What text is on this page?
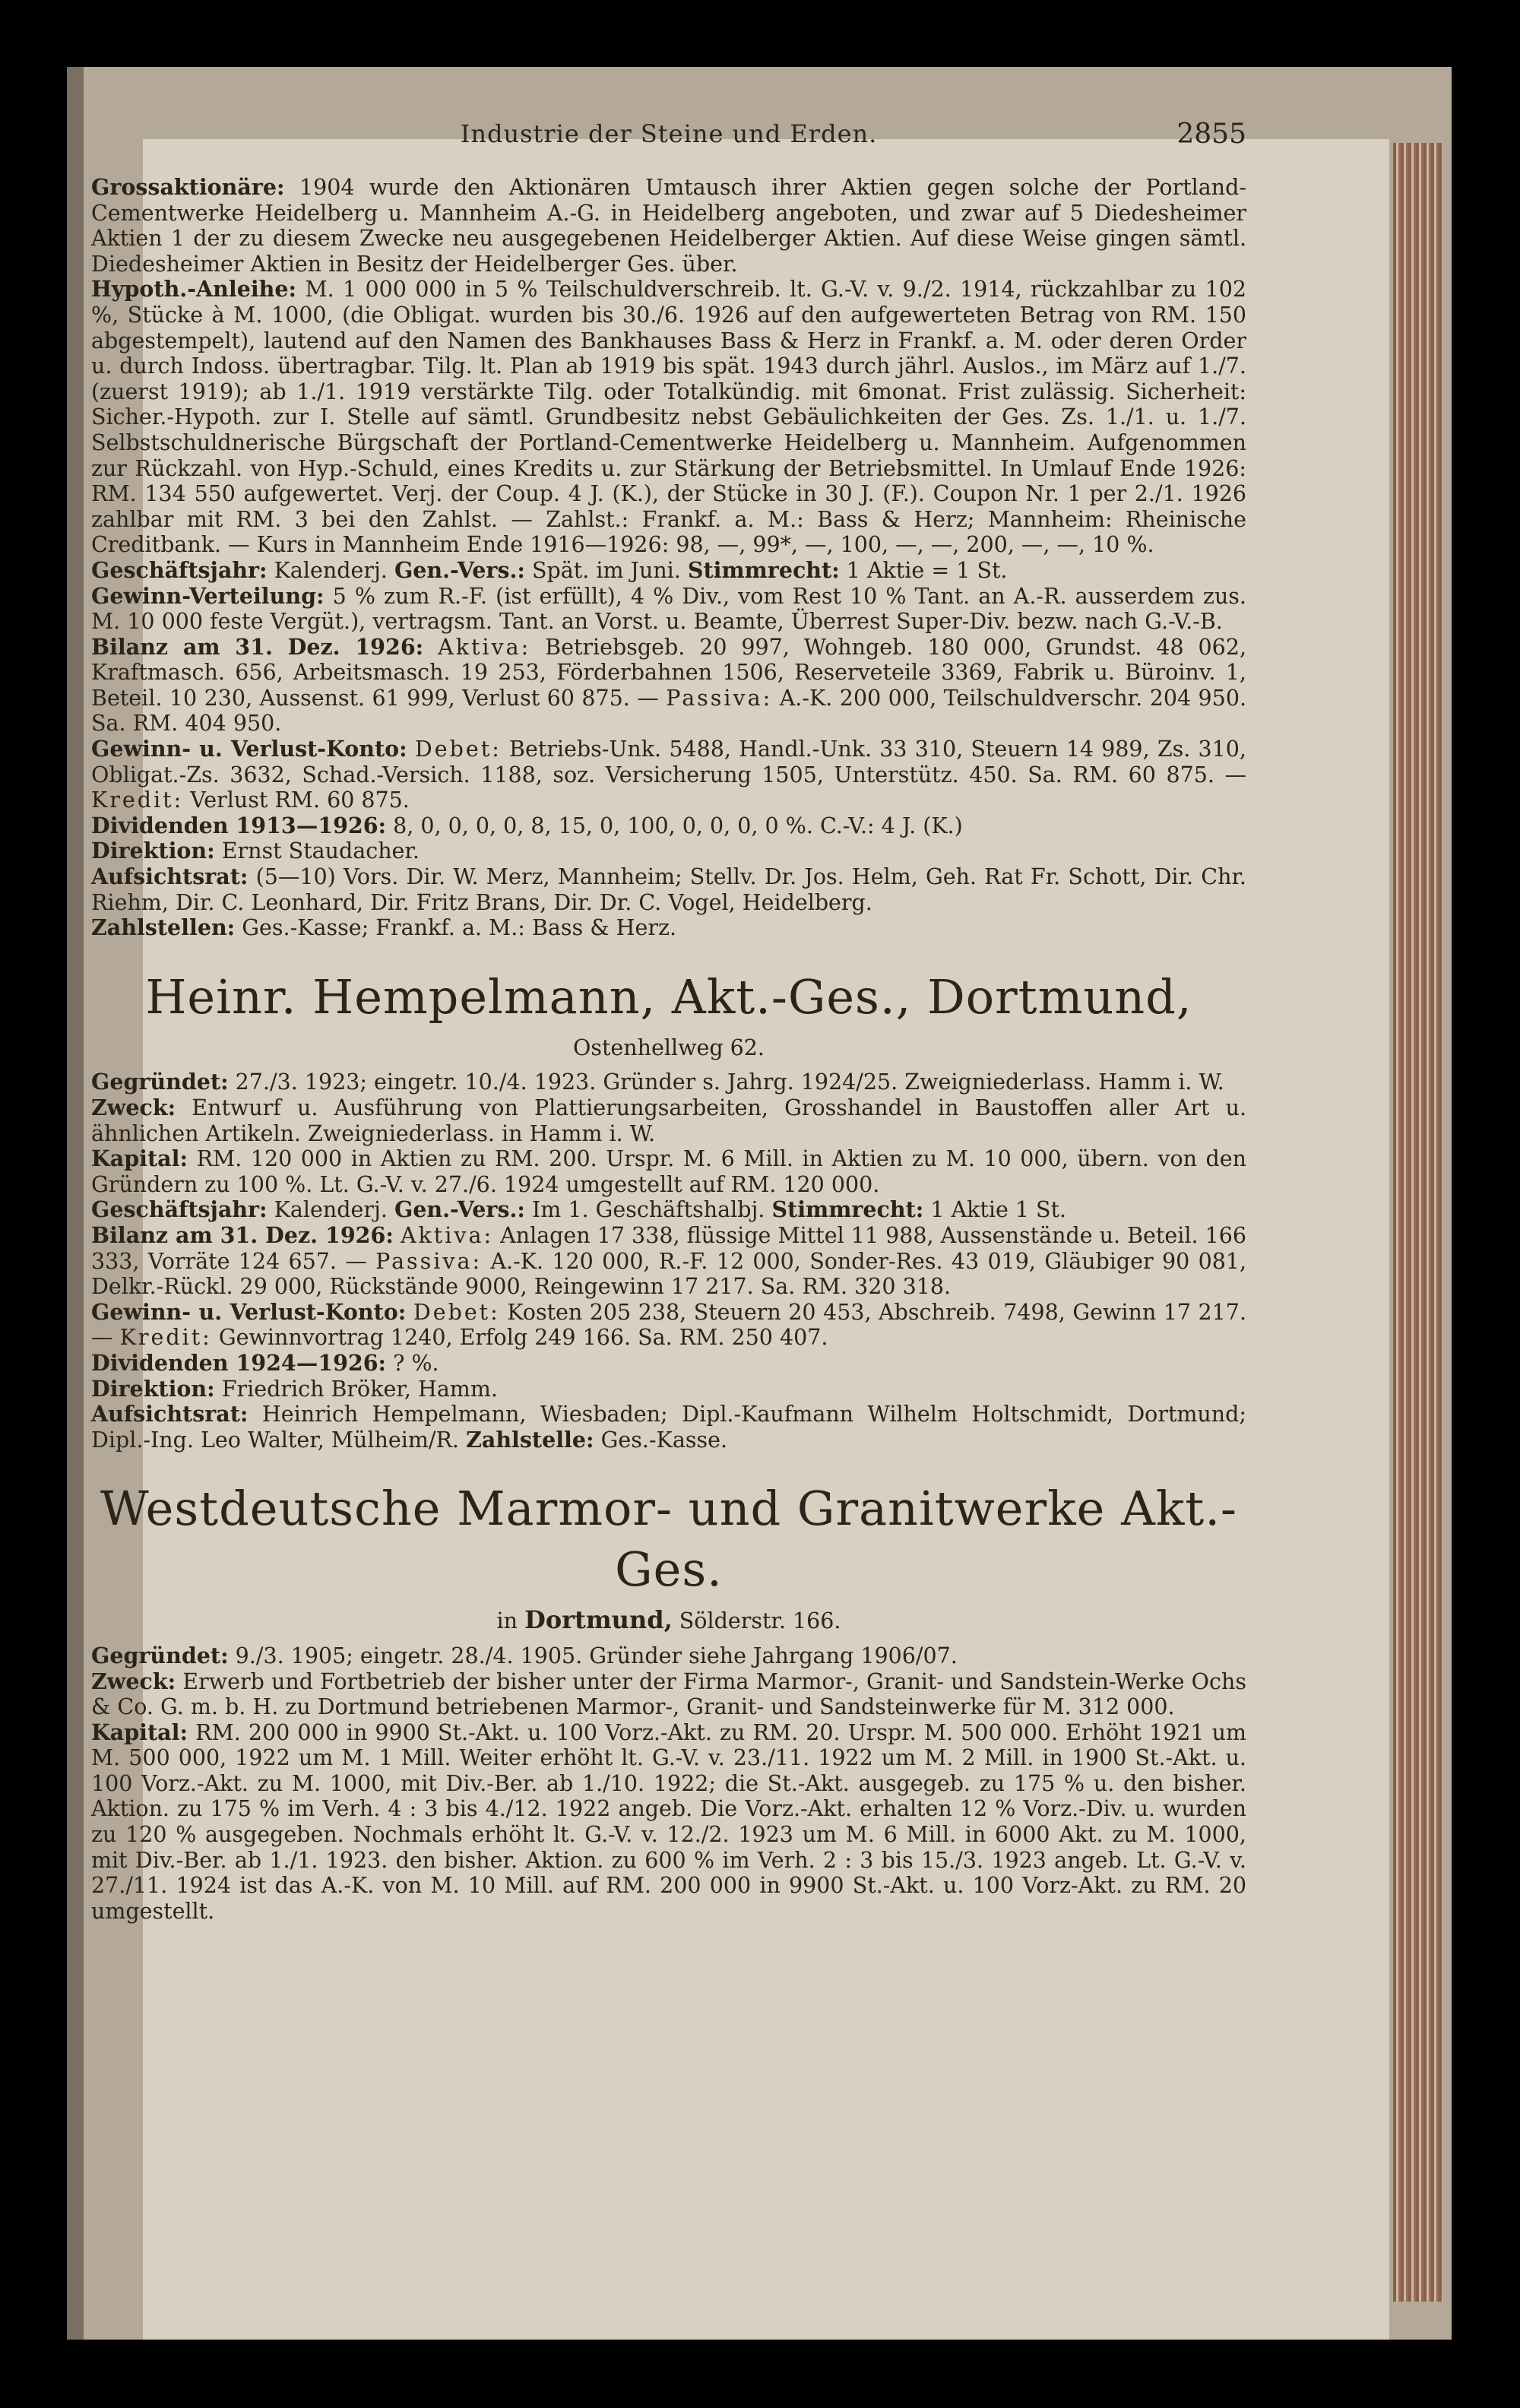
Industrie der Steine und Erden.	2855

Grossaktionäre: 1904 wurde den Aktionären Umtausch ihrer Aktien gegen solche der Portland-Cementwerke Heidelberg u. Mannheim A.-G. in Heidelberg angeboten, und zwar auf 5 Diedesheimer Aktien 1 der zu diesem Zwecke neu ausgegebenen Heidelberger Aktien. Auf diese Weise gingen sämtl. Diedesheimer Aktien in Besitz der Heidelberger Ges. über.

Hypoth.-Anleihe: M. 1 000 000 in 5 % Teilschuldverschreib. lt. G.-V. v. 9./2. 1914, rückzahlbar zu 102 %, Stücke à M. 1000, (die Obligat. wurden bis 30./6. 1926 auf den aufgewerteten Betrag von RM. 150 abgestempelt), lautend auf den Namen des Bankhauses Bass & Herz in Frankf. a. M. oder deren Order u. durch Indoss. übertragbar. Tilg. lt. Plan ab 1919 bis spät. 1943 durch jährl. Auslos., im März auf 1./7. (zuerst 1919); ab 1./1. 1919 verstärkte Tilg. oder Totalkündig. mit 6monat. Frist zulässig. Sicherheit: Sicher.-Hypoth. zur I. Stelle auf sämtl. Grundbesitz nebst Gebäulichkeiten der Ges. Zs. 1./1. u. 1./7. Selbstschuldnerische Bürgschaft der Portland-Cementwerke Heidelberg u. Mannheim. Aufgenommen zur Rückzahl. von Hyp.-Schuld, eines Kredits u. zur Stärkung der Betriebsmittel. In Umlauf Ende 1926: RM. 134 550 aufgewertet. Verj. der Coup. 4 J. (K.), der Stücke in 30 J. (F.). Coupon Nr. 1 per 2./1. 1926 zahlbar mit RM. 3 bei den Zahlst. — Zahlst.: Frankf. a. M.: Bass & Herz; Mannheim: Rheinische Creditbank. — Kurs in Mannheim Ende 1916—1926: 98, —, 99*, —, 100, —, —, 200, —, —, 10 %.

Geschäftsjahr: Kalenderj. Gen.-Vers.: Spät. im Juni. Stimmrecht: 1 Aktie = 1 St.

Gewinn-Verteilung: 5 % zum R.-F. (ist erfüllt), 4 % Div., vom Rest 10 % Tant. an A.-R. ausserdem zus. M. 10 000 feste Vergüt.), vertragsm. Tant. an Vorst. u. Beamte, Überrest Super-Div. bezw. nach G.-V.-B.

Bilanz am 31. Dez. 1926: Aktiva: Betriebsgeb. 20 997, Wohngeb. 180 000, Grundst. 48 062, Kraftmasch. 656, Arbeitsmasch. 19 253, Förderbahnen 1506, Reserveteile 3369, Fabrik u. Büroinv. 1, Beteil. 10 230, Aussenst. 61 999, Verlust 60 875. — Passiva: A.-K. 200 000, Teilschuldverschr. 204 950. Sa. RM. 404 950.

Gewinn- u. Verlust-Konto: Debet: Betriebs-Unk. 5488, Handl.-Unk. 33 310, Steuern 14 989, Zs. 310, Obligat.-Zs. 3632, Schad.-Versich. 1188, soz. Versicherung 1505, Unterstütz. 450. Sa. RM. 60 875. — Kredit: Verlust RM. 60 875.

Dividenden 1913—1926: 8, 0, 0, 0, 0, 8, 15, 0, 100, 0, 0, 0, 0 %. C.-V.: 4 J. (K.)

Direktion: Ernst Staudacher.

Aufsichtsrat: (5—10) Vors. Dir. W. Merz, Mannheim; Stellv. Dr. Jos. Helm, Geh. Rat Fr. Schott, Dir. Chr. Riehm, Dir. C. Leonhard, Dir. Fritz Brans, Dir. Dr. C. Vogel, Heidelberg.

Zahlstellen: Ges.-Kasse; Frankf. a. M.: Bass & Herz.

Heinr. Hempelmann, Akt.-Ges., Dortmund,
Ostenhellweg 62.

Gegründet: 27./3. 1923; eingetr. 10./4. 1923. Gründer s. Jahrg. 1924/25. Zweigniederlass. Hamm i. W.

Zweck: Entwurf u. Ausführung von Plattierungsarbeiten, Grosshandel in Baustoffen aller Art u. ähnlichen Artikeln. Zweigniederlass. in Hamm i. W.

Kapital: RM. 120 000 in Aktien zu RM. 200. Urspr. M. 6 Mill. in Aktien zu M. 10 000, übern. von den Gründern zu 100 %. Lt. G.-V. v. 27./6. 1924 umgestellt auf RM. 120 000.

Geschäftsjahr: Kalenderj. Gen.-Vers.: Im 1. Geschäftshalbj. Stimmrecht: 1 Aktie 1 St.

Bilanz am 31. Dez. 1926: Aktiva: Anlagen 17 338, flüssige Mittel 11 988, Aussenstände u. Beteil. 166 333, Vorräte 124 657. — Passiva: A.-K. 120 000, R.-F. 12 000, Sonder-Res. 43 019, Gläubiger 90 081, Delkr.-Rückl. 29 000, Rückstände 9000, Reingewinn 17 217. Sa. RM. 320 318.

Gewinn- u. Verlust-Konto: Debet: Kosten 205 238, Steuern 20 453, Abschreib. 7498, Gewinn 17 217. — Kredit: Gewinnvortrag 1240, Erfolg 249 166. Sa. RM. 250 407.

Dividenden 1924—1926: ? %.

Direktion: Friedrich Bröker, Hamm.

Aufsichtsrat: Heinrich Hempelmann, Wiesbaden; Dipl.-Kaufmann Wilhelm Holtschmidt, Dortmund; Dipl.-Ing. Leo Walter, Mülheim/R. Zahlstelle: Ges.-Kasse.

Westdeutsche Marmor- und Granitwerke Akt.-Ges.
in Dortmund, Sölderstr. 166.

Gegründet: 9./3. 1905; eingetr. 28./4. 1905. Gründer siehe Jahrgang 1906/07.

Zweck: Erwerb und Fortbetrieb der bisher unter der Firma Marmor-, Granit- und Sandstein-Werke Ochs & Co. G. m. b. H. zu Dortmund betriebenen Marmor-, Granit- und Sandsteinwerke für M. 312 000.

Kapital: RM. 200 000 in 9900 St.-Akt. u. 100 Vorz.-Akt. zu RM. 20. Urspr. M. 500 000. Erhöht 1921 um M. 500 000, 1922 um M. 1 Mill. Weiter erhöht lt. G.-V. v. 23./11. 1922 um M. 2 Mill. in 1900 St.-Akt. u. 100 Vorz.-Akt. zu M. 1000, mit Div.-Ber. ab 1./10. 1922; die St.-Akt. ausgegeb. zu 175 % u. den bisher. Aktion. zu 175 % im Verh. 4 : 3 bis 4./12. 1922 angeb. Die Vorz.-Akt. erhalten 12 % Vorz.-Div. u. wurden zu 120 % ausgegeben. Nochmals erhöht lt. G.-V. v. 12./2. 1923 um M. 6 Mill. in 6000 Akt. zu M. 1000, mit Div.-Ber. ab 1./1. 1923. den bisher. Aktion. zu 600 % im Verh. 2 : 3 bis 15./3. 1923 angeb. Lt. G.-V. v. 27./11. 1924 ist das A.-K. von M. 10 Mill. auf RM. 200 000 in 9900 St.-Akt. u. 100 Vorz-Akt. zu RM. 20 umgestellt.
